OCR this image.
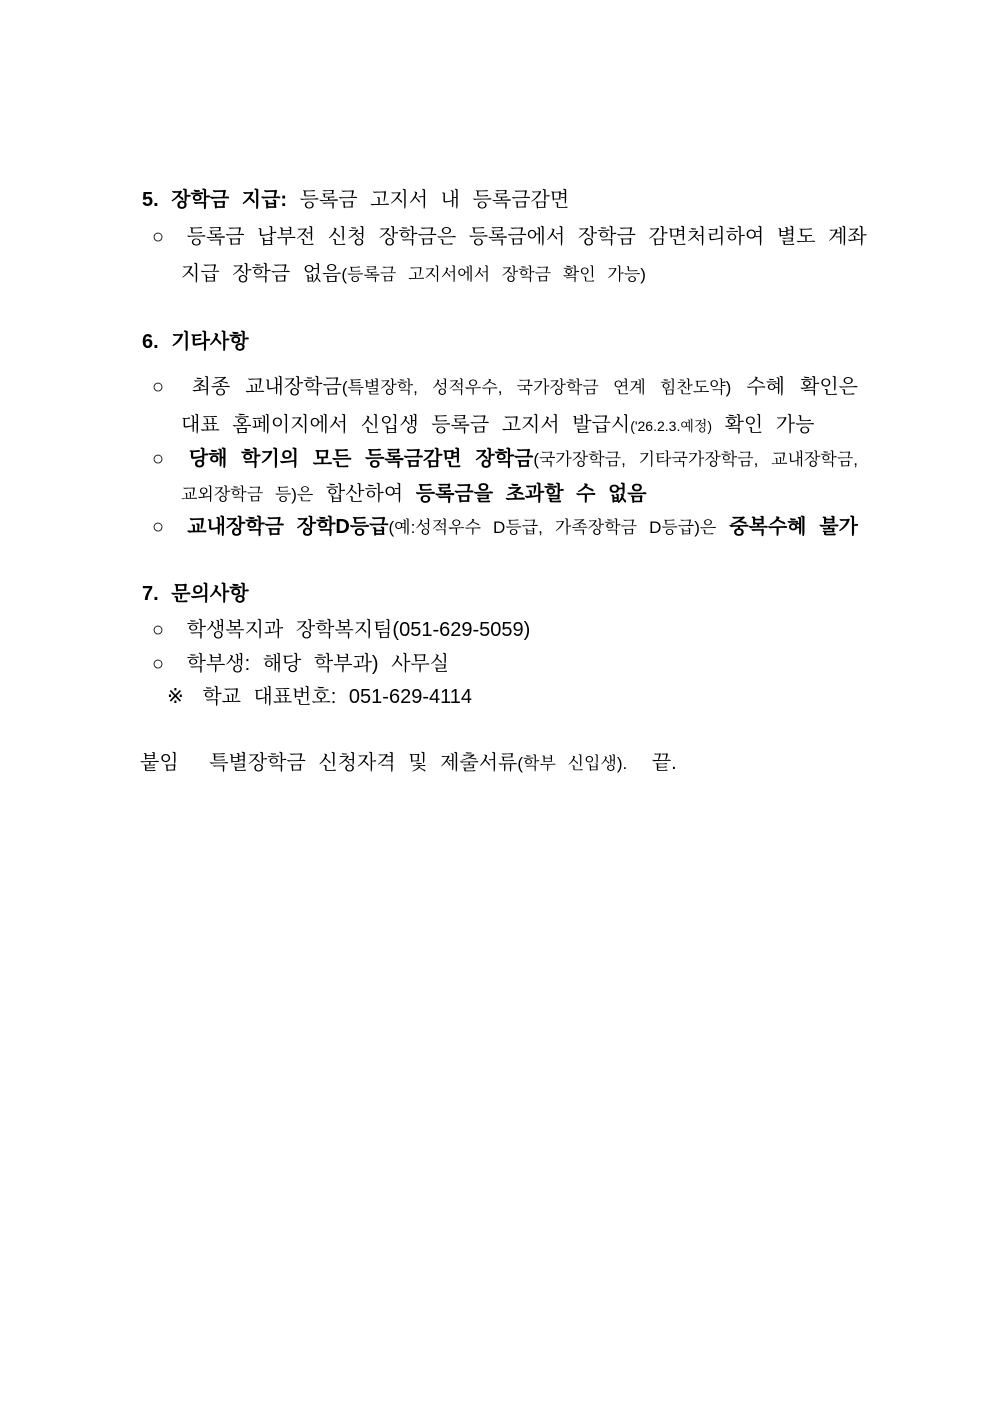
5. 장학금 지급: 등록금 고지서 내 등록금감면
○ 등록금 납부전 신청 장학금은 등록금에서 장학금 감면처리하여 별도 계좌
지급 장학금 없음(등록금 고지서에서 장학금 확인 가능)
6. 기타사항
○ 최종 교내장학금(특별장학, 성적우수, 국가장학금 연계 힘찬도약) 수혜 확인은
대표 홈페이지에서 신입생 등록금 고지서 발급시('26.2.3.예정) 확인 가능
○ 당해 학기의 모든 등록금감면 장학금(국가장학금, 기타국가장학금, 교내장학금,
교외장학금 등)은 합산하여 등록금을 초과할 수 없음
○ 교내장학금 장학D등급(예:성적우수 D등급, 가족장학금 D등급)은 중복수혜 불가
7. 문의사항
○ 학생복지과 장학복지팀(051-629-5059)
○ 학부생: 해당 학부과) 사무실
※ 학교 대표번호: 051-629-4114
붙임 특별장학금 신청자격 및 제출서류(학부 신입생). 끝.
